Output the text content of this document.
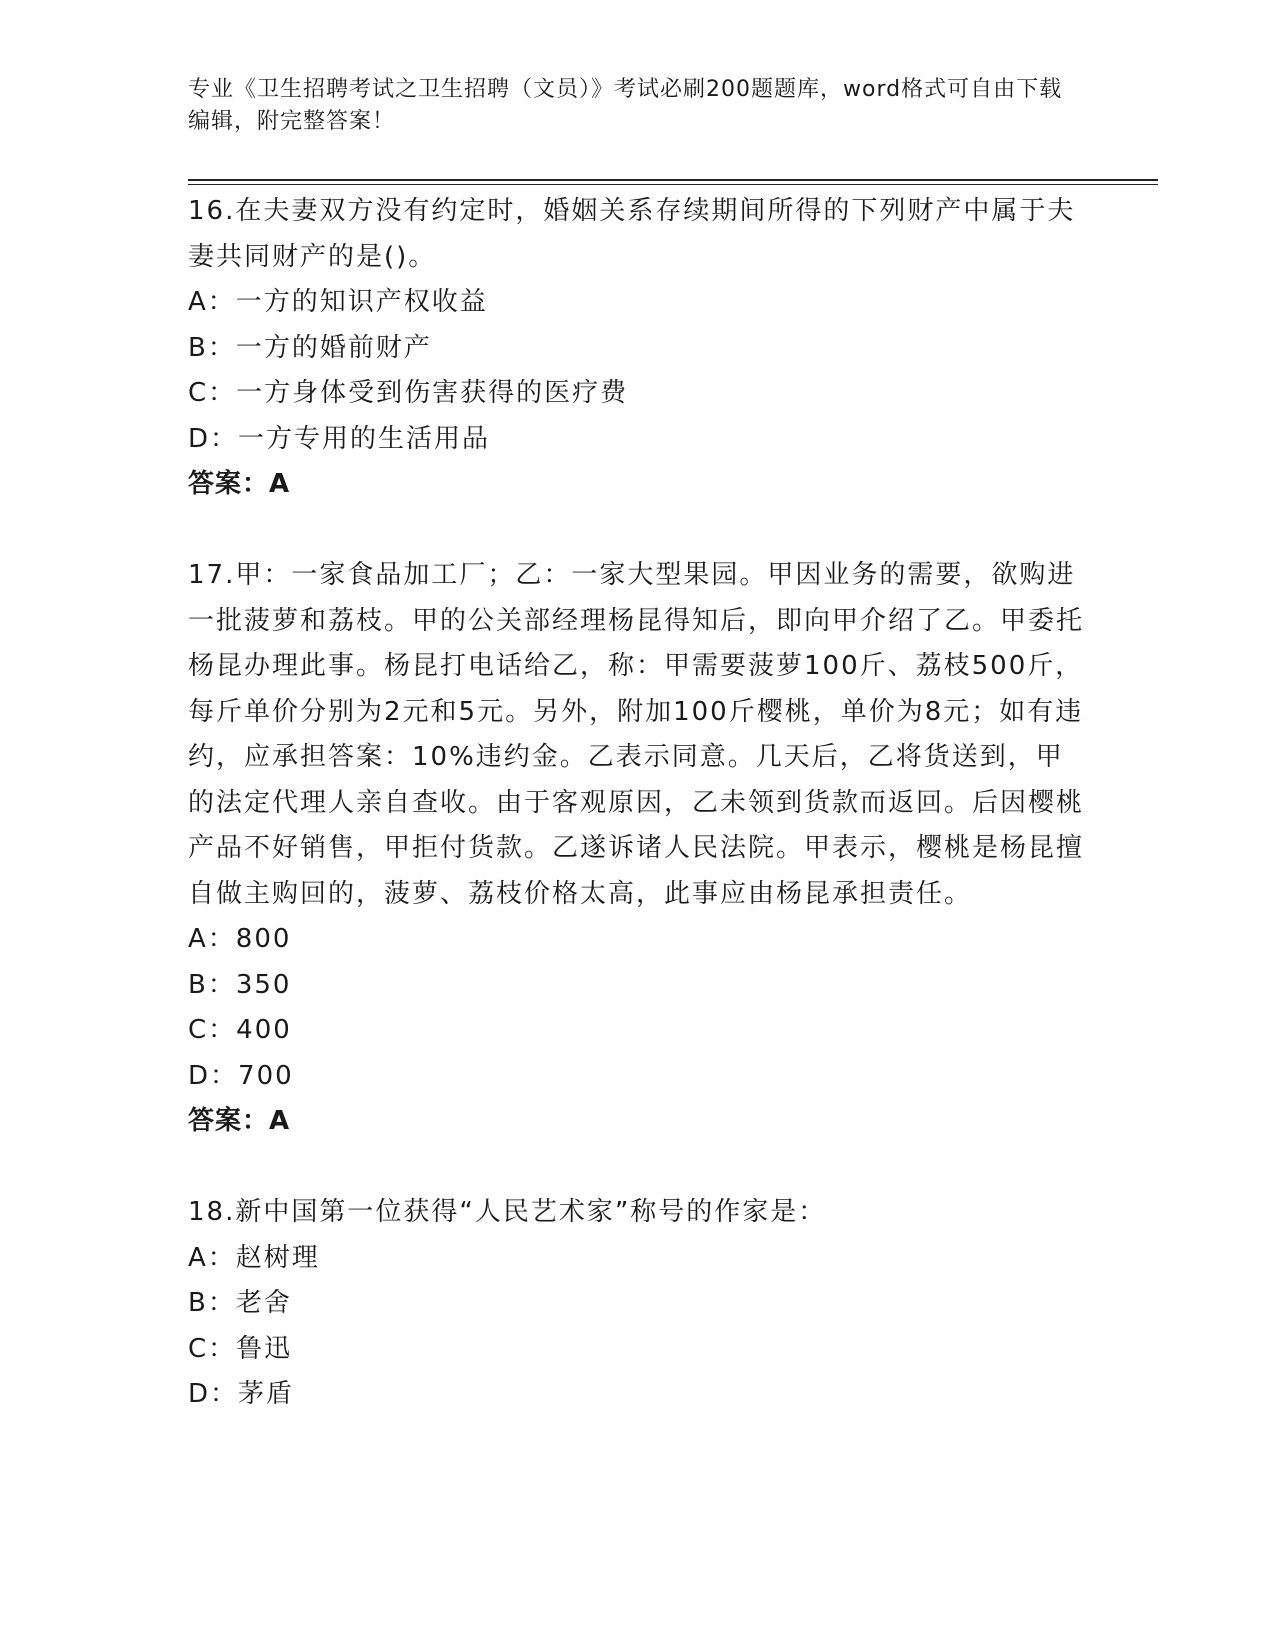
专业《卫生招聘考试之卫生招聘（文员）》考试必刷200题题库，word格式可自由下载编辑，附完整答案！

16.在夫妻双方没有约定时，婚姻关系存续期间所得的下列财产中属于夫妻共同财产的是()。

A：一方的知识产权收益

B：一方的婚前财产

C：一方身体受到伤害获得的医疗费

D：一方专用的生活用品

答案：A

17.甲：一家食品加工厂；乙：一家大型果园。甲因业务的需要，欲购进一批菠萝和荔枝。甲的公关部经理杨昆得知后，即向甲介绍了乙。甲委托杨昆办理此事。杨昆打电话给乙，称：甲需要菠萝100斤、荔枝500斤，每斤单价分别为2元和5元。另外，附加100斤樱桃，单价为8元；如有违约，应承担答案：10%违约金。乙表示同意。几天后，乙将货送到，甲的法定代理人亲自查收。由于客观原因，乙未领到货款而返回。后因樱桃产品不好销售，甲拒付货款。乙遂诉诸人民法院。甲表示，樱桃是杨昆擅自做主购回的，菠萝、荔枝价格太高，此事应由杨昆承担责任。

A：800

B：350

C：400

D：700

答案：A

18.新中国第一位获得“人民艺术家”称号的作家是：

A：赵树理

B：老舍

C：鲁迅

D：茅盾
